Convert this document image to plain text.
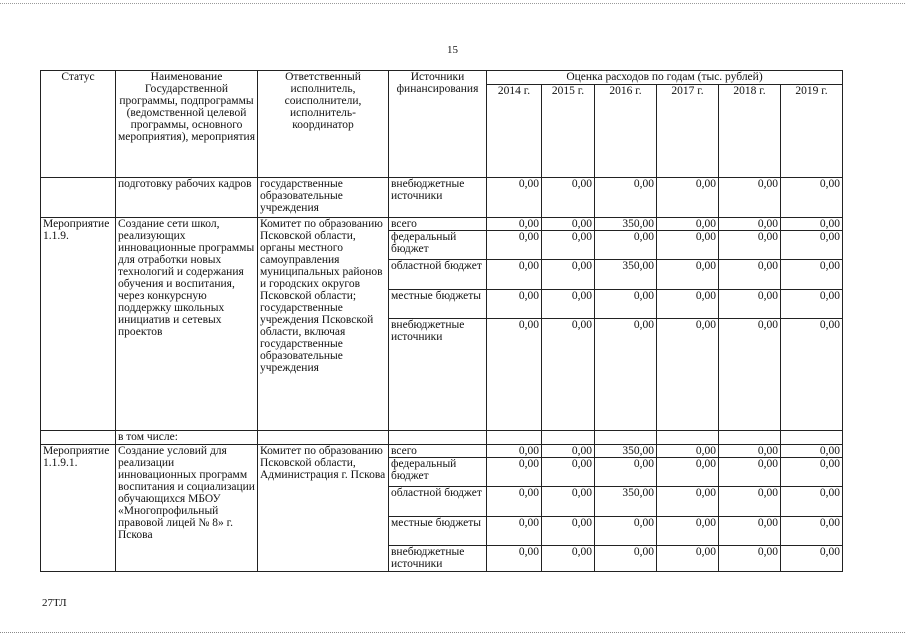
15
Статус	Наименование Государственной программы, подпрограммы (ведомственной целевой программы, основного мероприятия), мероприятия	Ответственный исполнитель, соисполнители, исполнитель-координатор	Источники финансирования	Оценка расходов по годам (тыс. рублей)					
				2014 г.	2015 г.	2016 г.	2017 г.	2018 г.	2019 г.
	подготовку рабочих кадров	государственные образовательные учреждения	внебюджетные источники	0,00	0,00	0,00	0,00	0,00	0,00
Мероприятие 1.1.9.	Создание сети школ, реализующих инновационные программы для отработки новых технологий и содержания обучения и воспитания, через конкурсную поддержку школьных инициатив и сетевых проектов	Комитет по образованию Псковской области, органы местного самоуправления муниципальных районов и городских округов Псковской области; государственные учреждения Псковской области, включая государственные образовательные учреждения	всего	0,00	0,00	350,00	0,00	0,00	0,00
			федеральный бюджет	0,00	0,00	0,00	0,00	0,00	0,00
			областной бюджет	0,00	0,00	350,00	0,00	0,00	0,00
			местные бюджеты	0,00	0,00	0,00	0,00	0,00	0,00
			внебюджетные источники	0,00	0,00	0,00	0,00	0,00	0,00
	в том числе:								
Мероприятие 1.1.9.1.	Создание условий для реализации инновационных программ воспитания и социализации обучающихся МБОУ «Многопрофильный правовой лицей № 8» г. Пскова	Комитет по образованию Псковской области, Администрация г. Пскова	всего	0,00	0,00	350,00	0,00	0,00	0,00
			федеральный бюджет	0,00	0,00	0,00	0,00	0,00	0,00
			областной бюджет	0,00	0,00	350,00	0,00	0,00	0,00
			местные бюджеты	0,00	0,00	0,00	0,00	0,00	0,00
			внебюджетные источники	0,00	0,00	0,00	0,00	0,00	0,00
27ТЛ
